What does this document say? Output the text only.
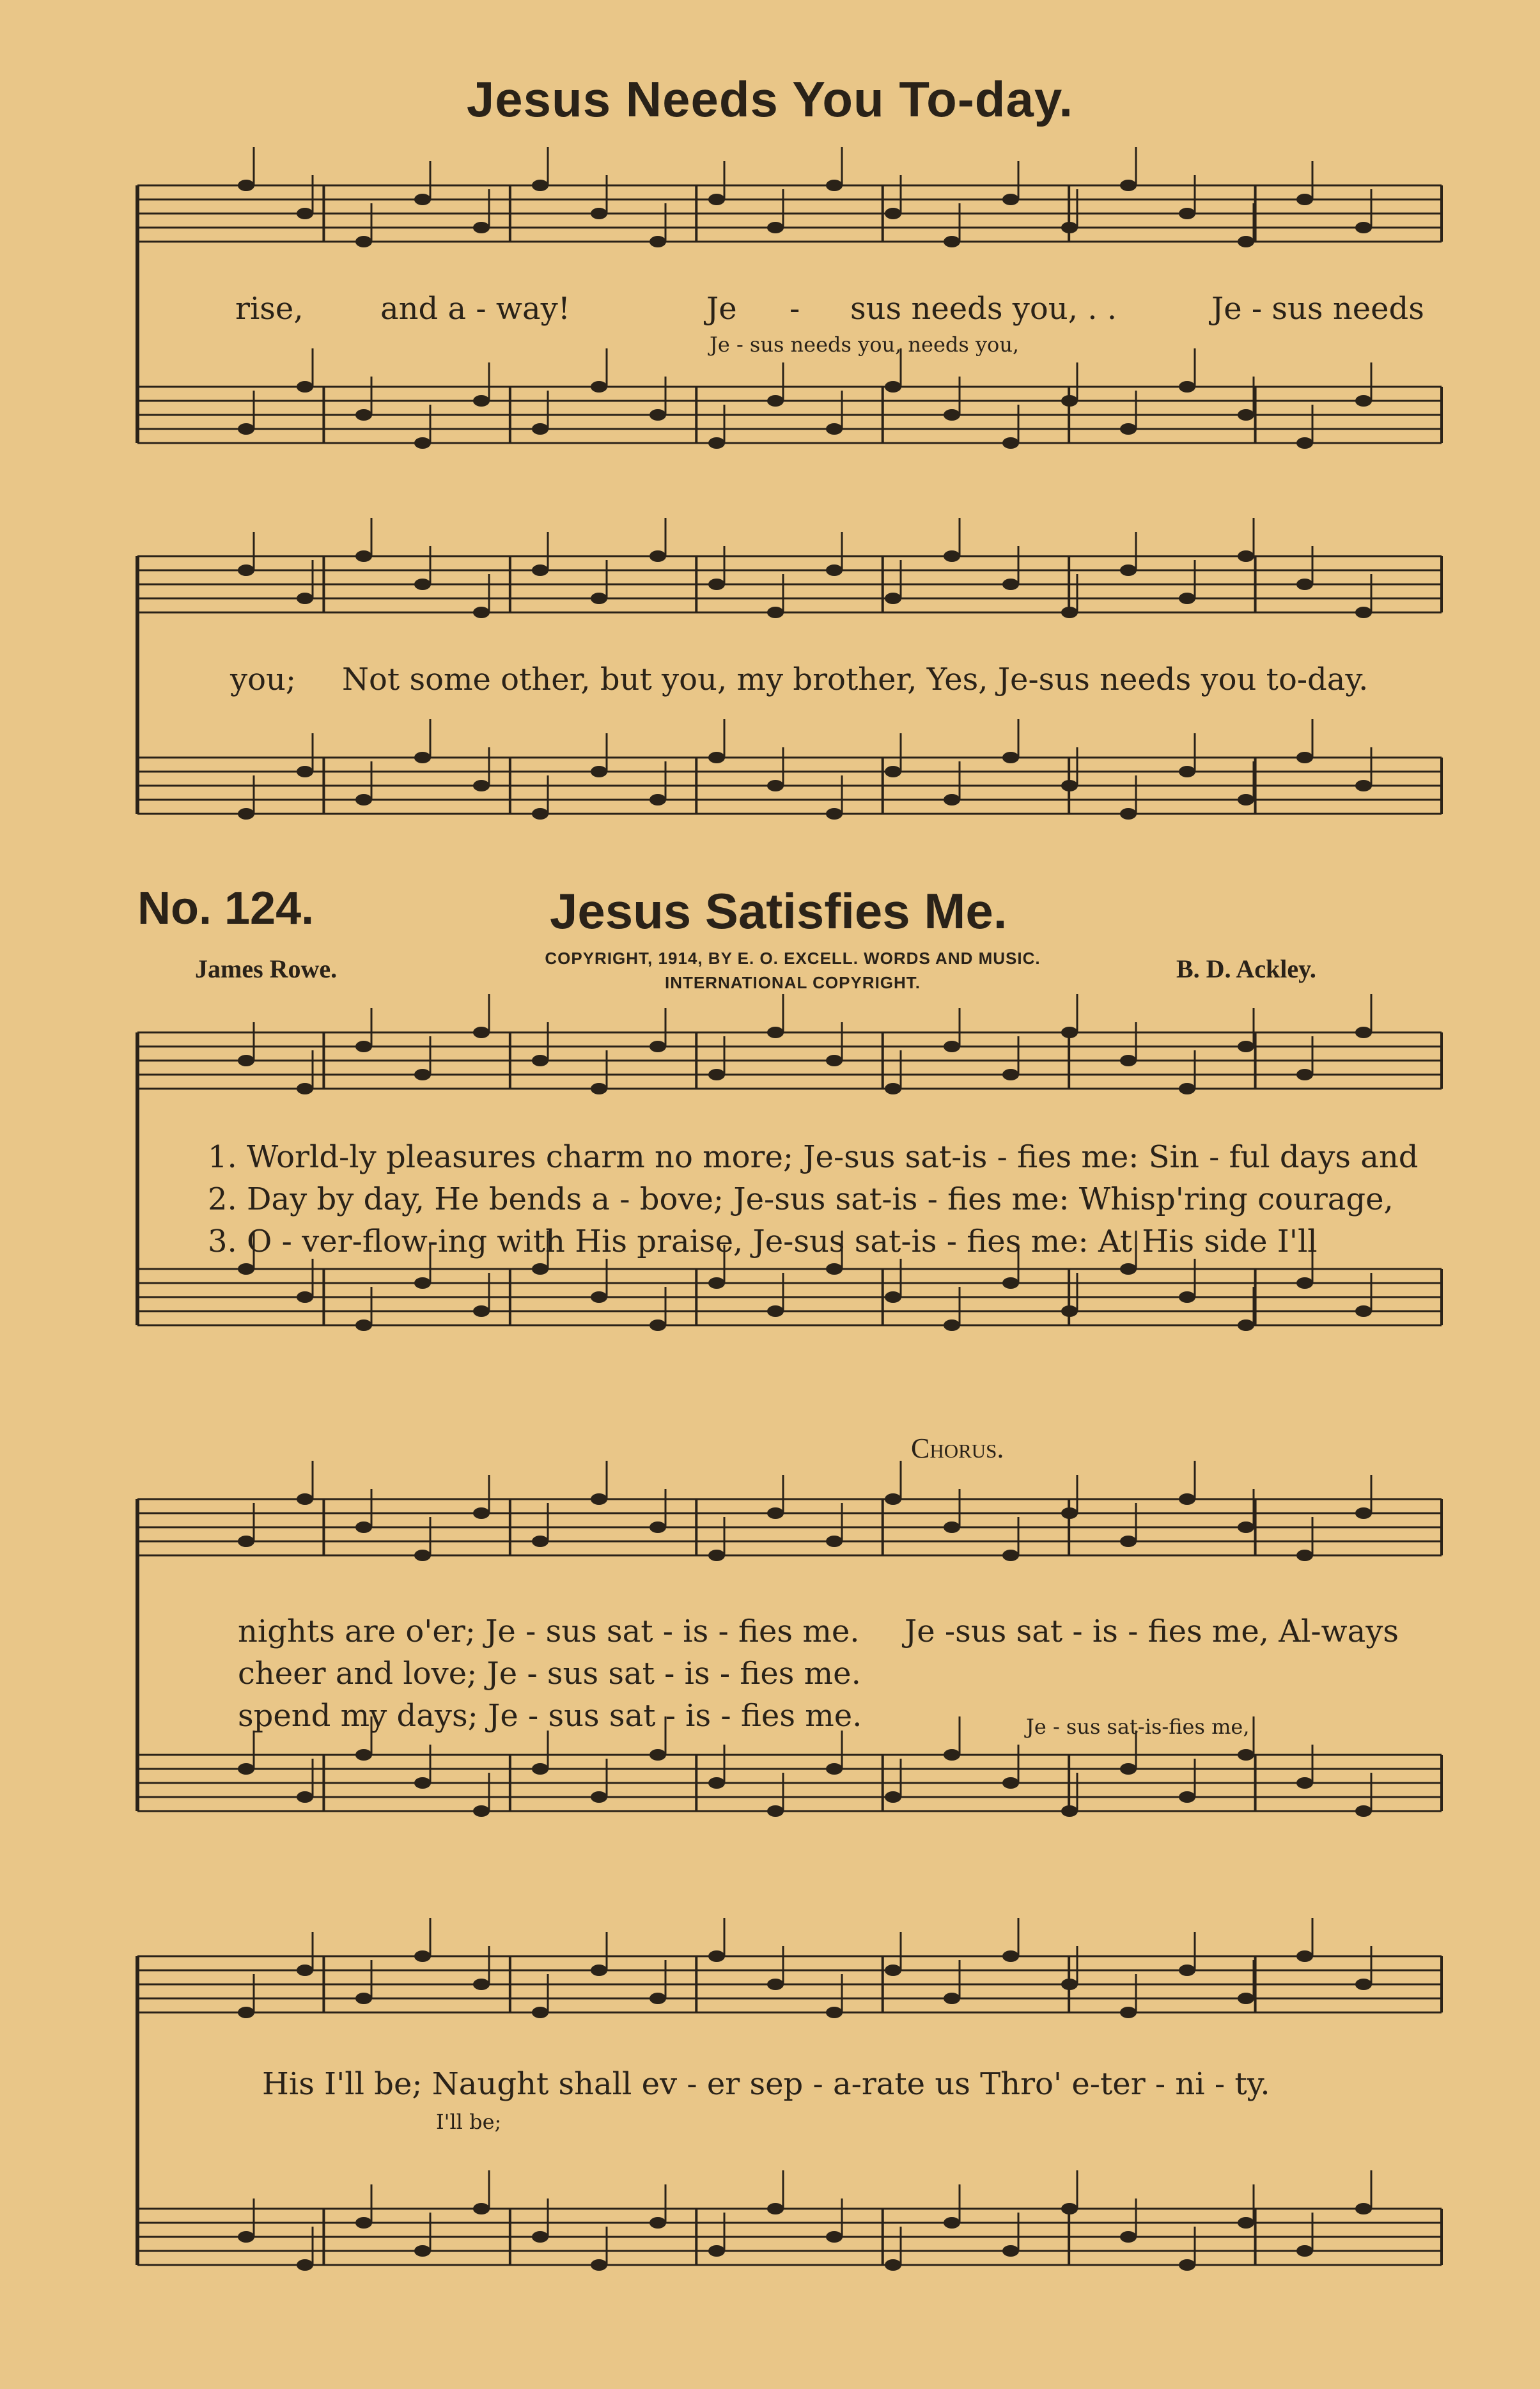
Jesus Needs You To-day.
rise,	and a - way!	Je - sus needs you, . .	Je - sus needs
Je - sus needs you, needs you,
you; Not some other, but you, my brother, Yes, Je-sus needs you to-day.
No. 124.	Jesus Satisfies Me.
James Rowe.	B. D. Ackley.
COPYRIGHT, 1914, BY E. O. EXCELL. WORDS AND MUSIC.
INTERNATIONAL COPYRIGHT.
1. World-ly pleasures charm no more; Je-sus sat-is - fies me: Sin - ful days and
2. Day by day, He bends a - bove; Je-sus sat-is - fies me: Whisp'ring courage,
3. O - ver-flow-ing with His praise, Je-sus sat-is - fies me: At His side I'll
Chorus.
nights are o'er; Je - sus sat - is - fies me.
cheer and love; Je - sus sat - is - fies me.
spend my days; Je - sus sat - is - fies me.
Je -sus sat - is - fies me, Al-ways
Je - sus sat-is-fies me,
His I'll be; Naught shall ev - er sep - a-rate us Thro' e-ter - ni - ty.
I'll be;
